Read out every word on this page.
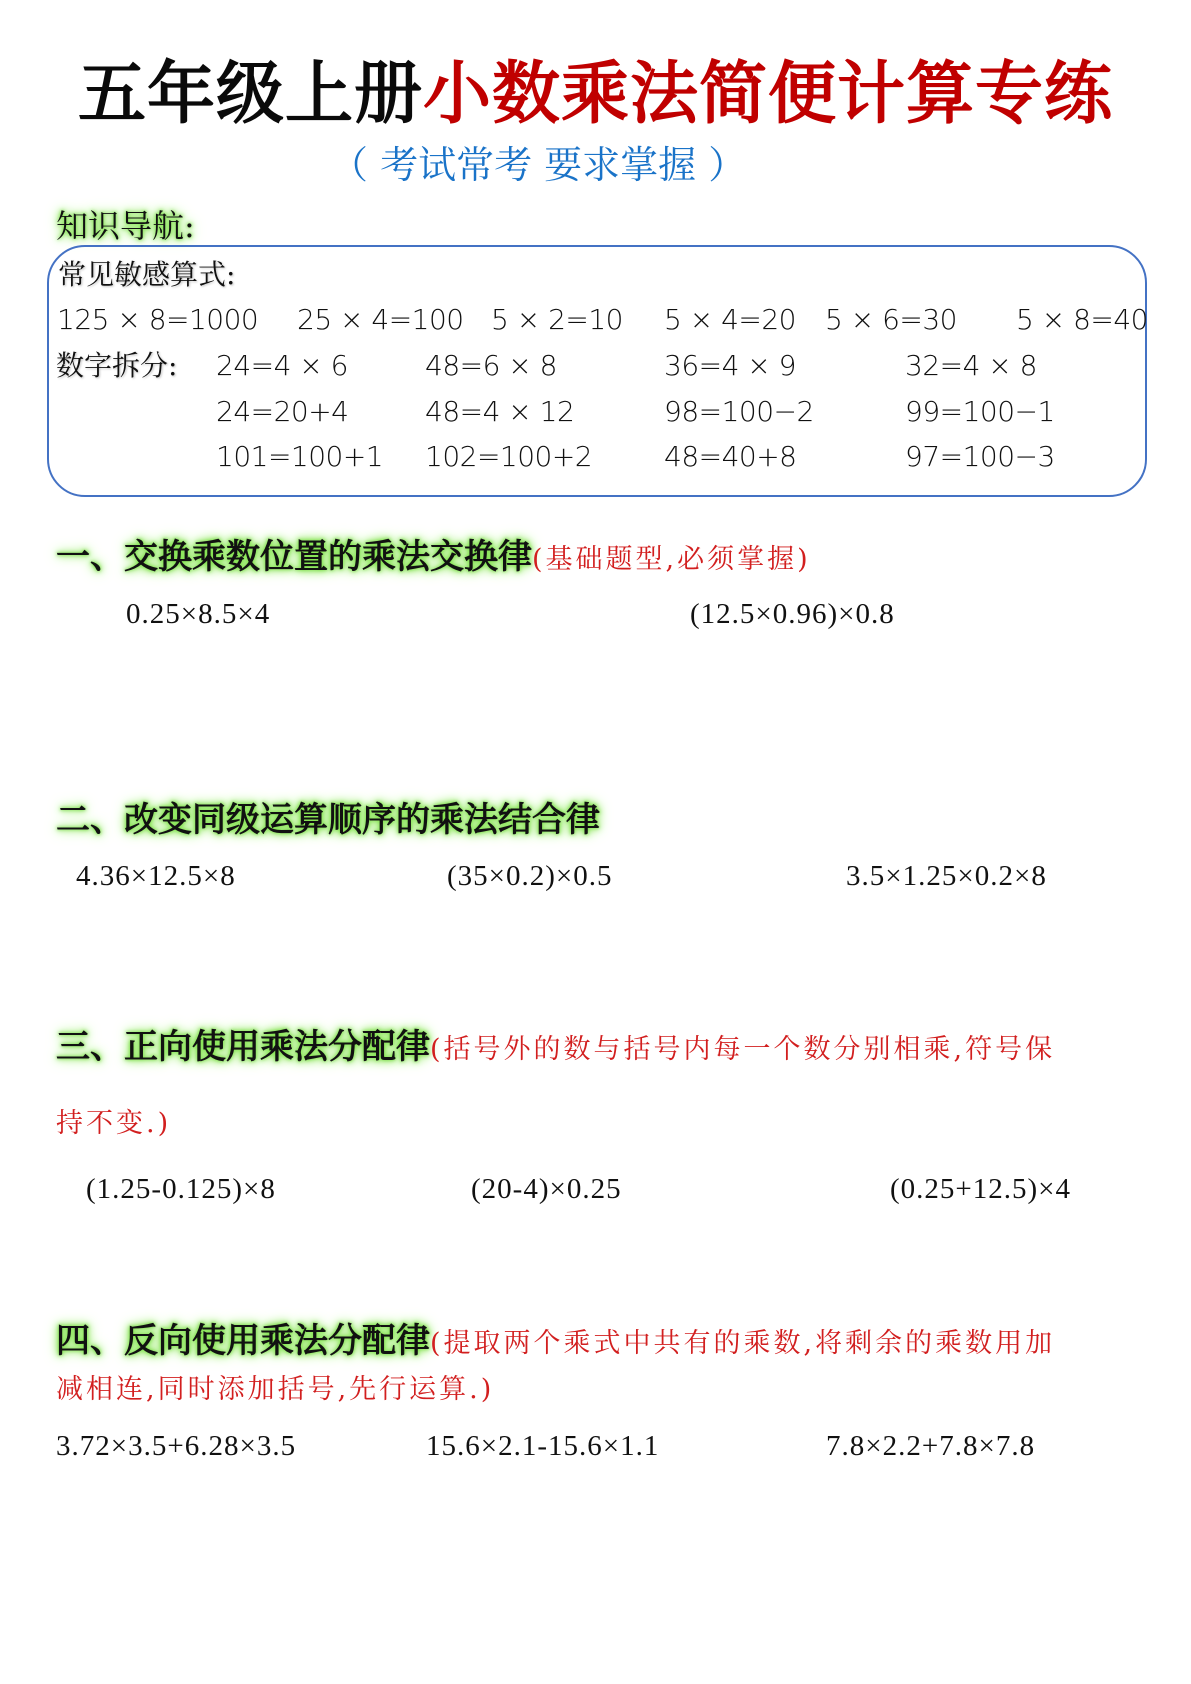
五年级上册小数乘法简便计算专练
（ 考试常考 要求掌握 ）
知识导航:
常见敏感算式:
125 × 8=1000 25 × 4=100 5 × 2=10 5 × 4=20 5 × 6=30 5 × 8=40
数字拆分: 24=4 × 6	48=6 × 8	36=4 × 9	32=4 × 8
24=20+4	48=4 × 12	98=100−2	99=100−1
101=100+1 102=100+2	48=40+8	97=100−3
一、交换乘数位置的乘法交换律(基础题型,必须掌握)
0.25×8.5×4	(12.5×0.96)×0.8
二、改变同级运算顺序的乘法结合律
4.36×12.5×8	(35×0.2)×0.5	3.5×1.25×0.2×8
三、正向使用乘法分配律(括号外的数与括号内每一个数分别相乘,符号保
持不变.)
(1.25-0.125)×8	(20-4)×0.25	(0.25+12.5)×4
四、反向使用乘法分配律(提取两个乘式中共有的乘数,将剩余的乘数用加
减相连,同时添加括号,先行运算.)
3.72×3.5+6.28×3.5	15.6×2.1-15.6×1.1	7.8×2.2+7.8×7.8
